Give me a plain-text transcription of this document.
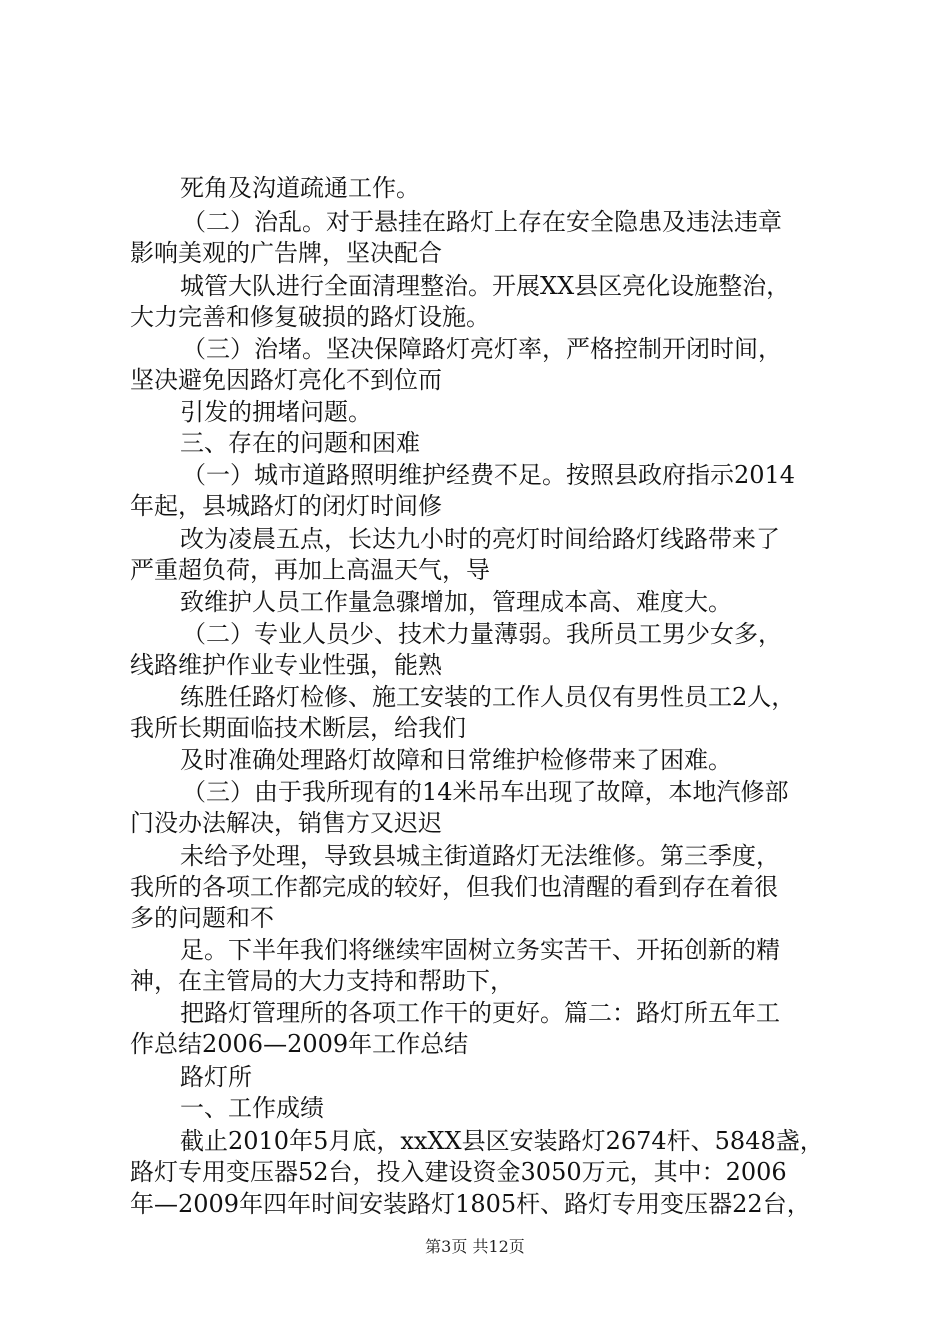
死角及沟道疏通工作。
（二）治乱。对于悬挂在路灯上存在安全隐患及违法违章
影响美观的广告牌，坚决配合
城管大队进行全面清理整治。开展XX县区亮化设施整治，
大力完善和修复破损的路灯设施。
（三）治堵。坚决保障路灯亮灯率，严格控制开闭时间，
坚决避免因路灯亮化不到位而
引发的拥堵问题。
三、存在的问题和困难
（一）城市道路照明维护经费不足。按照县政府指示2014
年起，县城路灯的闭灯时间修
改为凌晨五点，长达九小时的亮灯时间给路灯线路带来了
严重超负荷，再加上高温天气，导
致维护人员工作量急骤增加，管理成本高、难度大。
（二）专业人员少、技术力量薄弱。我所员工男少女多，
线路维护作业专业性强，能熟
练胜任路灯检修、施工安装的工作人员仅有男性员工2人，
我所长期面临技术断层，给我们
及时准确处理路灯故障和日常维护检修带来了困难。
（三）由于我所现有的14米吊车出现了故障，本地汽修部
门没办法解决，销售方又迟迟
未给予处理，导致县城主街道路灯无法维修。第三季度，
我所的各项工作都完成的较好，但我们也清醒的看到存在着很
多的问题和不
足。下半年我们将继续牢固树立务实苦干、开拓创新的精
神，在主管局的大力支持和帮助下，
把路灯管理所的各项工作干的更好。篇二：路灯所五年工
作总结2006—2009年工作总结
路灯所
一、工作成绩
截止2010年5月底，xxXX县区安装路灯2674杆、5848盏，
路灯专用变压器52台，投入建设资金3050万元，其中：2006
年—2009年四年时间安装路灯1805杆、路灯专用变压器22台，
第3页 共12页
